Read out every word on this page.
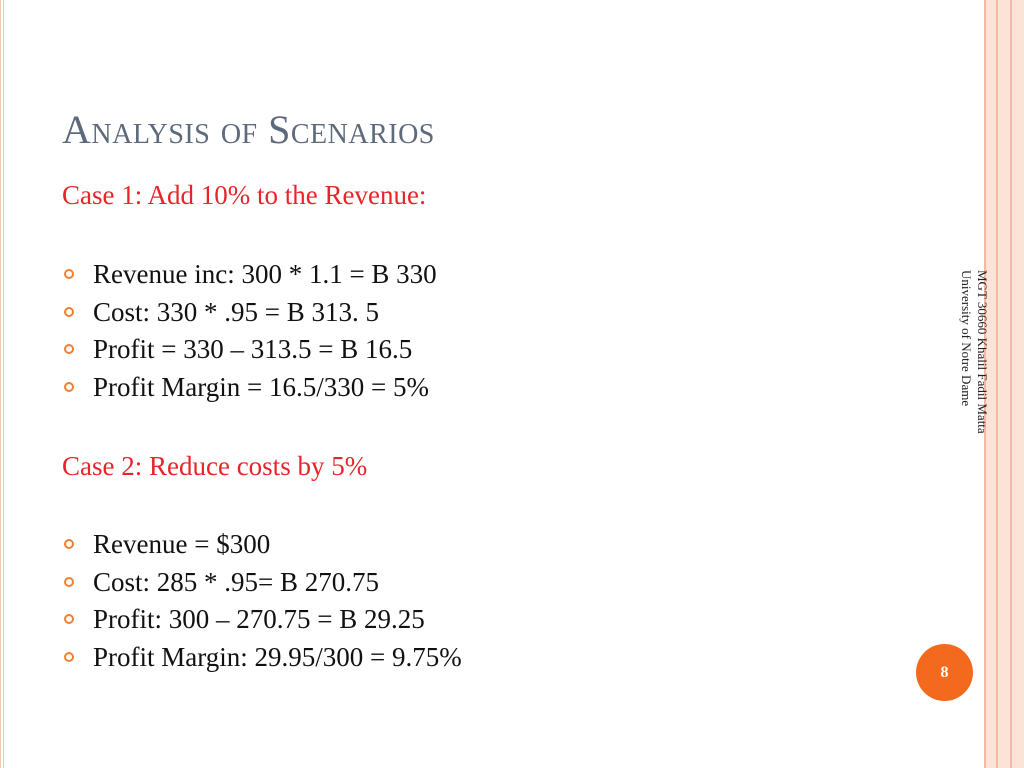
Analysis of Scenarios

Case 1: Add 10% to the Revenue:

Revenue inc: 300 * 1.1 = B 330
Cost: 330 * .95 = B 313. 5
Profit = 330 – 313.5 = B 16.5
Profit Margin = 16.5/330 = 5%

Case 2: Reduce costs by 5%

Revenue = $300
Cost: 285 * .95= B 270.75
Profit: 300 – 270.75 = B 29.25
Profit Margin: 29.95/300 = 9.75%
MGT 30660 Khalil Fadil Matta
University of Notre Dame
8
